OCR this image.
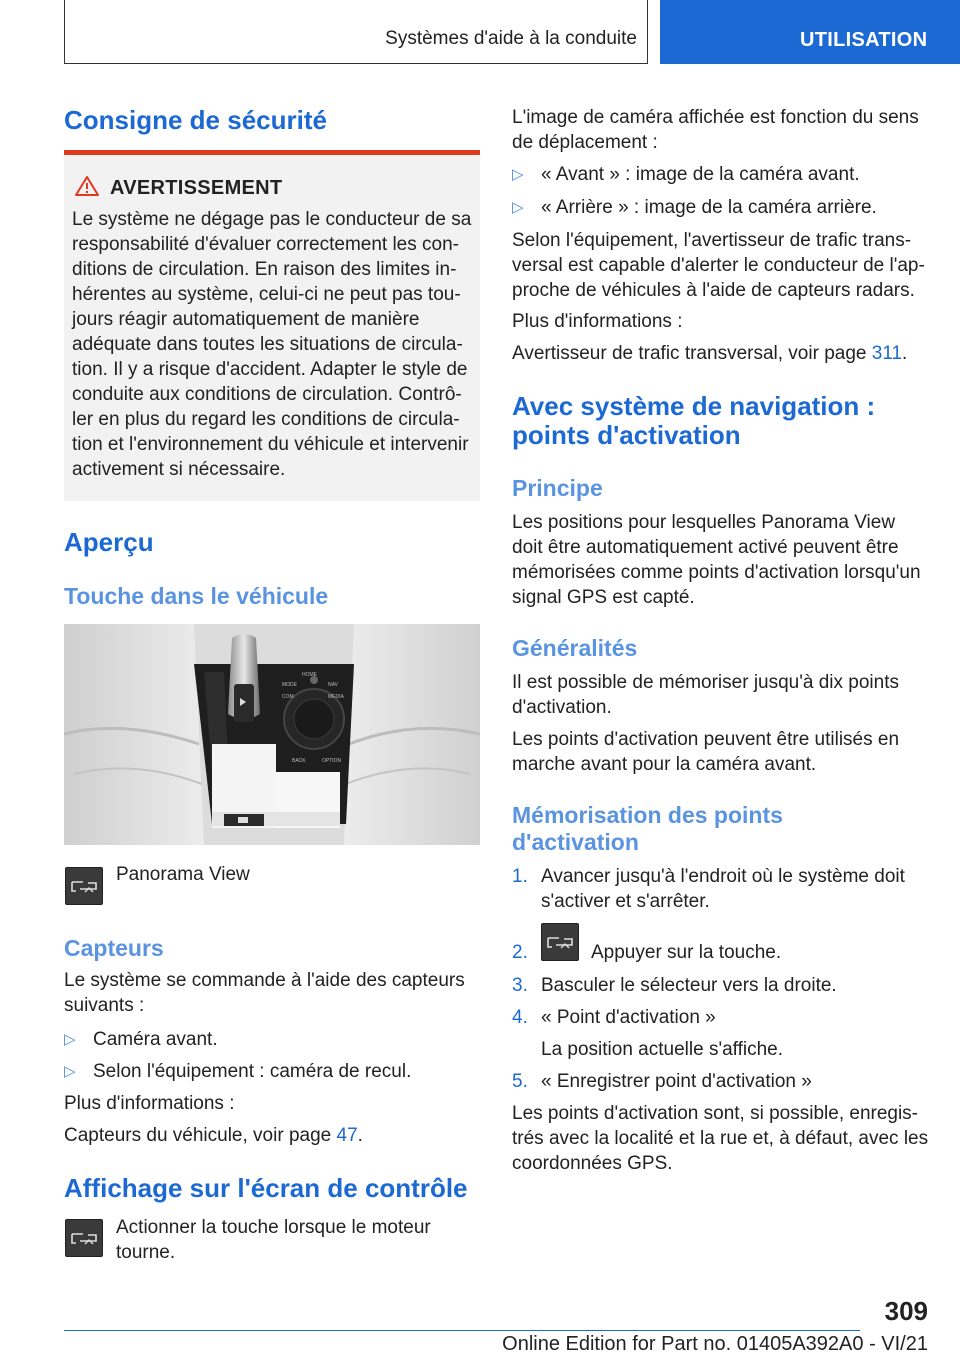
Systèmes d'aide à la conduite	UTILISATION
Consigne de sécurité
AVERTISSEMENT
Le système ne dégage pas le conducteur de sa
responsabilité d'évaluer correctement les con‐
ditions de circulation. En raison des limites in‐
hérentes au système, celui-ci ne peut pas tou‐
jours réagir automatiquement de manière
adéquate dans toutes les situations de circula‐
tion. Il y a risque d'accident. Adapter le style de
conduite aux conditions de circulation. Contrô‐
ler en plus du regard les conditions de circula‐
tion et l'environnement du véhicule et intervenir
activement si nécessaire.
Aperçu
Touche dans le véhicule
MODE
HOME
NAV
COM	MEDIA
BACK	OPTION

Panorama View

Capteurs

Le système se commande à l'aide des capteurs

suivants :

▷ Caméra avant.
▷ Selon l'équipement : caméra de recul.

Plus d'informations :

Capteurs du véhicule, voir page 47.

Affichage sur l'écran de contrôle

Actionner la touche lorsque le moteur

tourne.

L'image de caméra affichée est fonction du sens

de déplacement :

▷ « Avant » : image de la caméra avant.
▷ « Arrière » : image de la caméra arrière.

Selon l'équipement, l'avertisseur de trafic trans‐

versal est capable d'alerter le conducteur de l'ap‐

proche de véhicules à l'aide de capteurs radars.

Plus d'informations :

Avertisseur de trafic transversal, voir page 311.

Avec système de navigation :
points d'activation
Principe

Les positions pour lesquelles Panorama View

doit être automatiquement activé peuvent être

mémorisées comme points d'activation lorsqu'un

signal GPS est capté.

Généralités

Il est possible de mémoriser jusqu'à dix points

d'activation.

Les points d'activation peuvent être utilisés en

marche avant pour la caméra avant.

Mémorisation des points
d'activation
1. Avancer jusqu'à l'endroit où le système doit
s'activer et s'arrêter.
2.	Appuyer sur la touche.
3. Basculer le sélecteur vers la droite.
4. « Point d'activation »
La position actuelle s'affiche.
5. « Enregistrer point d'activation »

Les points d'activation sont, si possible, enregis‐

trés avec la localité et la rue et, à défaut, avec les

coordonnées GPS.

309
Online Edition for Part no. 01405A392A0 - VI/21
